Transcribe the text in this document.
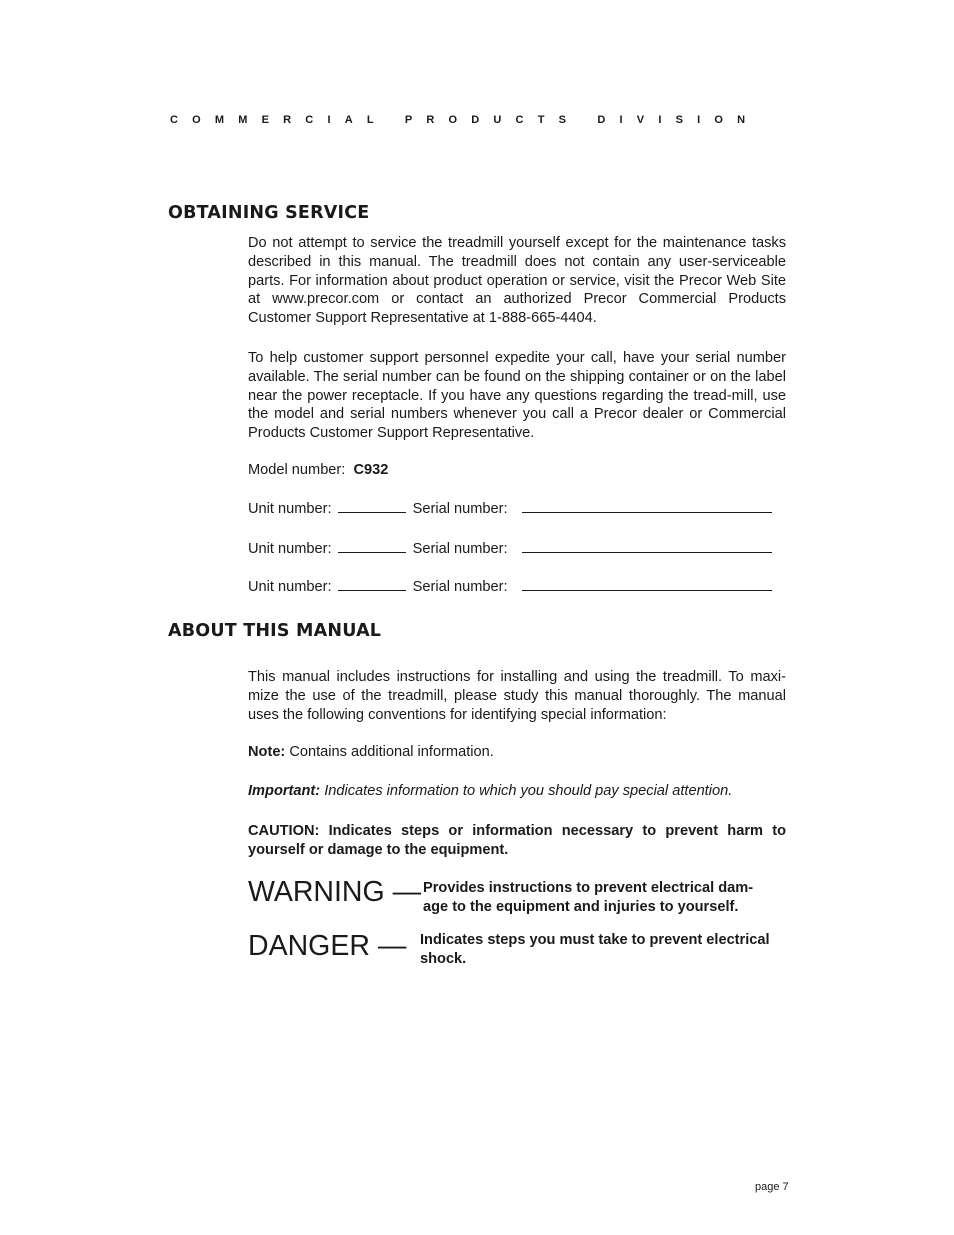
COMMERCIAL PRODUCTS DIVISION
OBTAINING SERVICE

Do not attempt to service the treadmill yourself except for the maintenance tasks described in this manual. The treadmill does not contain any user-serviceable parts. For information about product operation or service, visit the Precor Web Site at www.precor.com or contact an authorized Precor Commercial Products Customer Support Representative at 1-888-665-4404.

To help customer support personnel expedite your call, have your serial number available. The serial number can be found on the shipping container or on the label near the power receptacle. If you have any questions regarding the tread-mill, use the model and serial numbers whenever you call a Precor dealer or Commercial Products Customer Support Representative.

Model number: C932
Unit number:	Serial number:
Unit number:	Serial number:
Unit number:	Serial number:
ABOUT THIS MANUAL

This manual includes instructions for installing and using the treadmill. To maxi-mize the use of the treadmill, please study this manual thoroughly. The manual uses the following conventions for identifying special information:

Note: Contains additional information.
Important: Indicates information to which you should pay special attention.

CAUTION: Indicates steps or information necessary to prevent harm to yourself or damage to the equipment.

WARNING — Provides instructions to prevent electrical dam-
age to the equipment and injuries to yourself.
DANGER — Indicates steps you must take to prevent electrical
shock.
page 7
